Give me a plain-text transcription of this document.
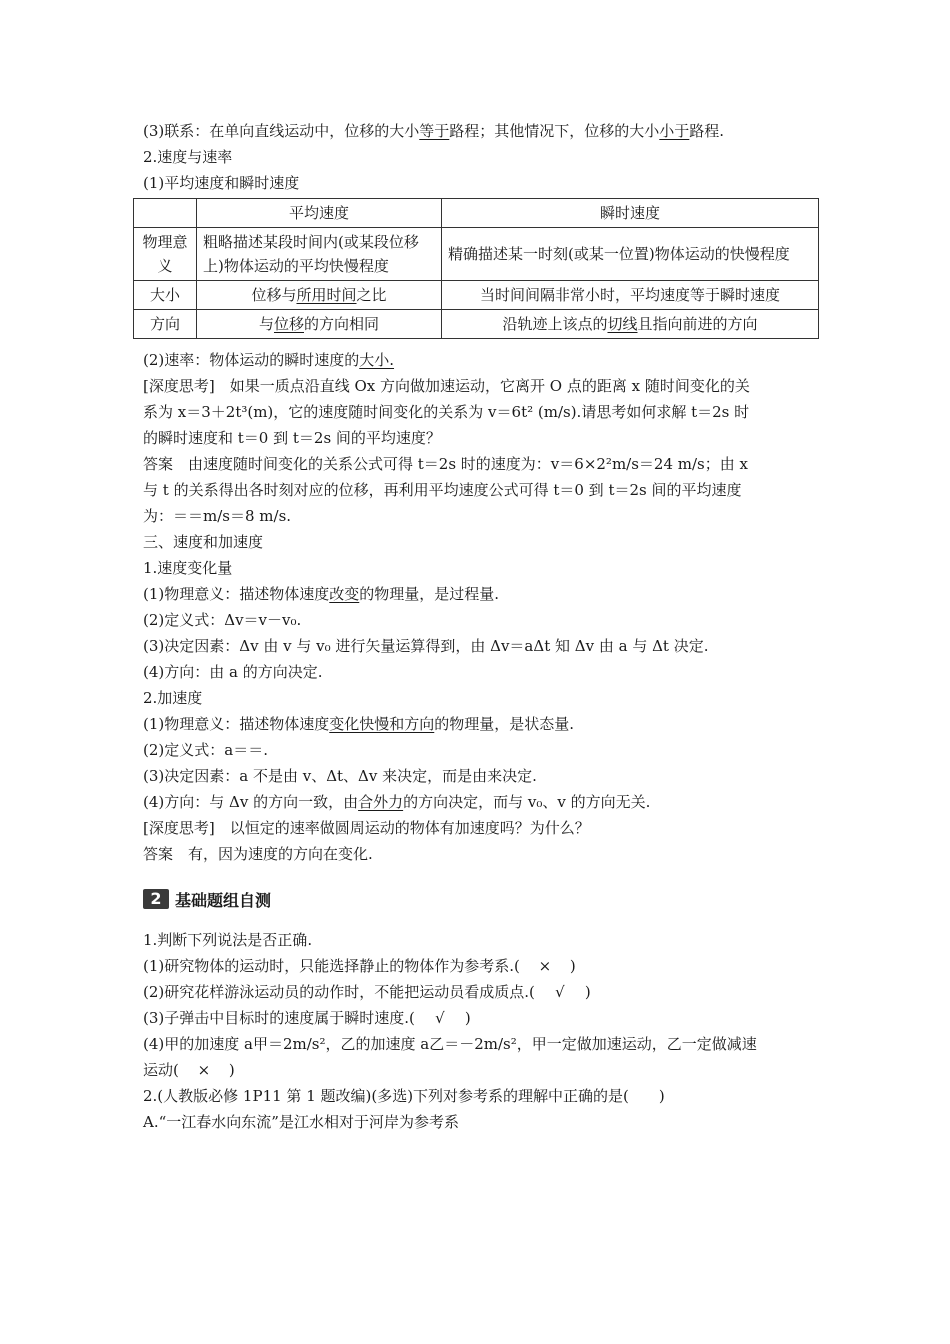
(3)联系：在单向直线运动中，位移的大小等于路程；其他情况下，位移的大小小于路程.
2.速度与速率
(1)平均速度和瞬时速度
	平均速度	瞬时速度
物理意义	粗略描述某段时间内(或某段位移上)物体运动的平均快慢程度	精确描述某一时刻(或某一位置)物体运动的快慢程度
大小	位移与所用时间之比	当时间间隔非常小时，平均速度等于瞬时速度
方向	与位移的方向相同	沿轨迹上该点的切线且指向前进的方向
(2)速率：物体运动的瞬时速度的大小.
[深度思考]　如果一质点沿直线 Ox 方向做加速运动，它离开 O 点的距离 x 随时间变化的关
系为 x＝3＋2t³(m)，它的速度随时间变化的关系为 v＝6t² (m/s).请思考如何求解 t＝2s 时
的瞬时速度和 t＝0 到 t＝2s 间的平均速度？
答案　由速度随时间变化的关系公式可得 t＝2s 时的速度为：v＝6×2²m/s＝24 m/s；由 x
与 t 的关系得出各时刻对应的位移，再利用平均速度公式可得 t＝0 到 t＝2s 间的平均速度
为：＝＝m/s＝8 m/s.
三、速度和加速度
1.速度变化量
(1)物理意义：描述物体速度改变的物理量，是过程量.
(2)定义式：Δv＝v－v₀.
(3)决定因素：Δv 由 v 与 v₀ 进行矢量运算得到，由 Δv＝aΔt 知 Δv 由 a 与 Δt 决定.
(4)方向：由 a 的方向决定.
2.加速度
(1)物理意义：描述物体速度变化快慢和方向的物理量，是状态量.
(2)定义式：a＝＝.
(3)决定因素：a 不是由 v、Δt、Δv 来决定，而是由来决定.
(4)方向：与 Δv 的方向一致，由合外力的方向决定，而与 v₀、v 的方向无关.
[深度思考]　以恒定的速率做圆周运动的物体有加速度吗？为什么？
答案　有，因为速度的方向在变化.
2 基础题组自测
1.判断下列说法是否正确.
(1)研究物体的运动时，只能选择静止的物体作为参考系.( × )
(2)研究花样游泳运动员的动作时，不能把运动员看成质点.( √ )
(3)子弹击中目标时的速度属于瞬时速度.( √ )
(4)甲的加速度 a甲＝2m/s²，乙的加速度 a乙＝－2m/s²，甲一定做加速运动，乙一定做减速
运动( × )
2.(人教版必修 1P11 第 1 题改编)(多选)下列对参考系的理解中正确的是(　　)
A.“一江春水向东流”是江水相对于河岸为参考系
